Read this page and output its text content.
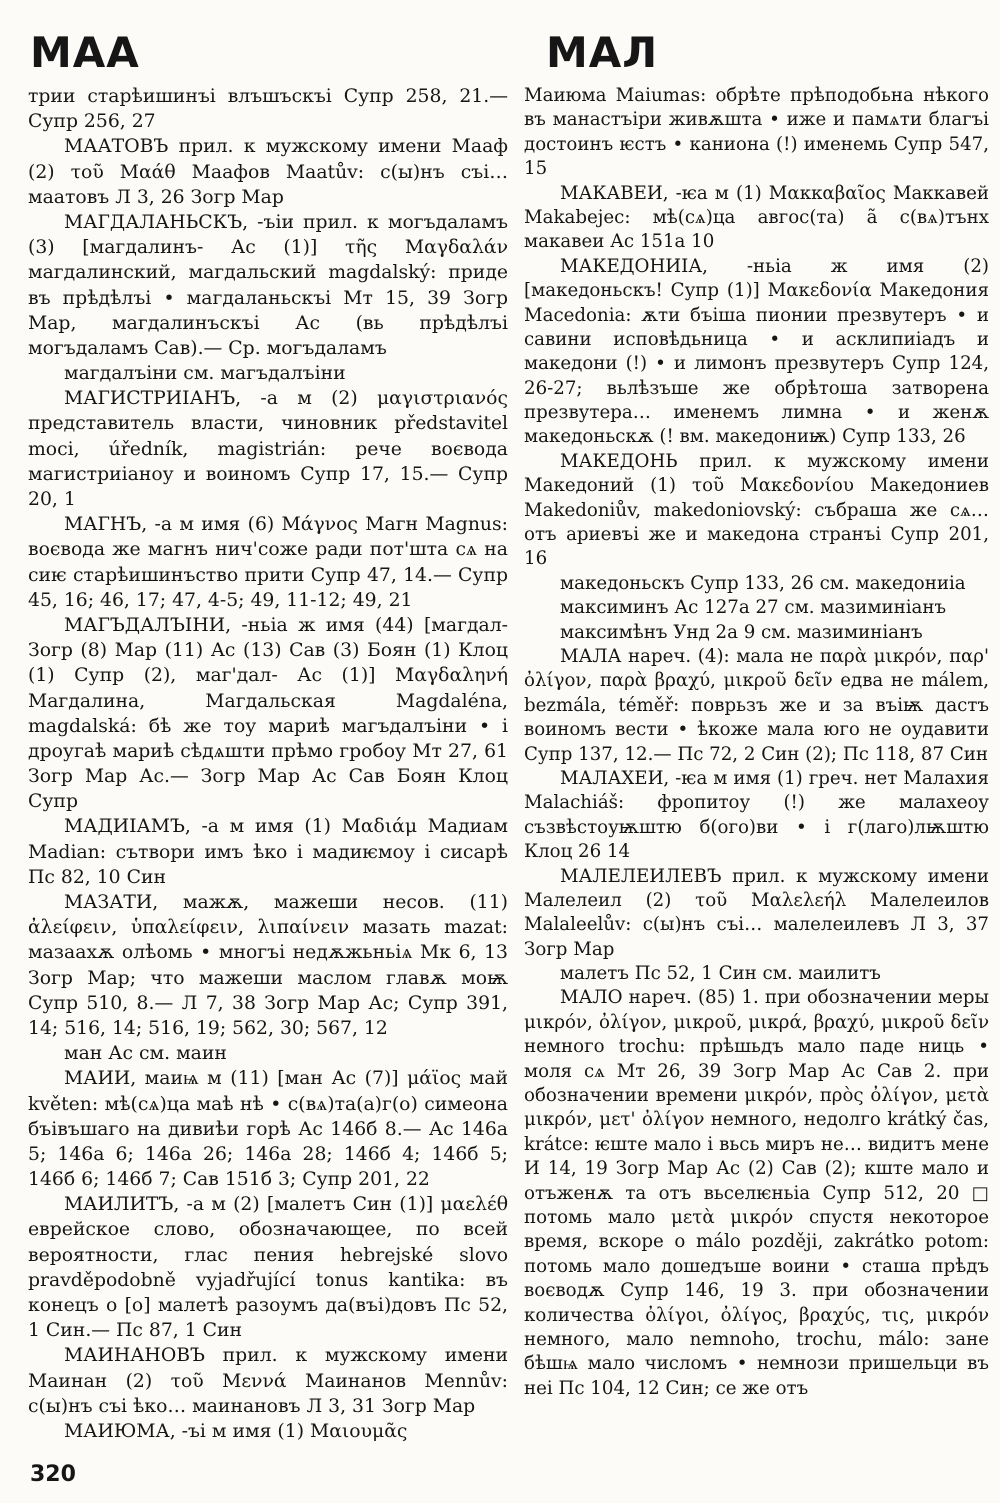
МАА	МАЛ

трии старѣишинъі влъшъскъі Супр 258, 21.— Супр 256, 27

МААТОВЪ прил. к мужскому имени Мааф (2) τοῦ Μαάθ Маафов Maatův: с(ы)нъ съі… маатовъ Л 3, 26 Зогр Мар

МАГДАЛАНЬСКЪ, -ъіи прил. к могъдаламъ (3) [магдалинъ- Ас (1)] τῆς Μαγδαλάν магдалинский, магдальский magdalský: приде въ прѣдѣлъі • магдаланьскъі Мт 15, 39 Зогр Мар, магдалинъскъі Ас (вь прѣдѣлъі могъдаламъ Сав).— Ср. могъдаламъ

магдалъіни см. магъдалъіни

МАГИСТРИІАНЪ, -а м (2) μαγιστριανός представитель власти, чиновник představitel moci, úředník, magistrián: рече воєвода магистриіаноу и воиномъ Супр 17, 15.— Супр 20, 1

МАГНЪ, -а м имя (6) Μάγνος Магн Magnus: воєвода же магнъ нич'соже ради пот'шта сѧ на сиѥ старѣишинъство прити Супр 47, 14.— Супр 45, 16; 46, 17; 47, 4-5; 49, 11-12; 49, 21

МАГЪДАЛЪІНИ, -ньіа ж имя (44) [магдал- Зогр (8) Мар (11) Ас (13) Сав (3) Боян (1) Клоц (1) Супр (2), маг'дал- Ас (1)] Μαγδαληνή Магдалина, Магдальская Magdaléna, magdalská: бѣ же тоу мариѣ магъдалъіни • і дроугаѣ мариѣ сѣдѧшти прѣмо гробоу Мт 27, 61 Зогр Мар Ас.— Зогр Мар Ас Сав Боян Клоц Супр

МАДИІАМЪ, -а м имя (1) Μαδιάμ Мадиам Madian: сътвори имъ ѣко і мадиѥмоу і сисарѣ Пс 82, 10 Син

МАЗАТИ, мажѫ, мажеши несов. (11) ἀλείφειν, ὑπαλείφειν, λιπαίνειν мазать mazat: мазаахѫ олѣомь • многъі недѫжьньіѧ Мк 6, 13 Зогр Мар; что мажеши маслом главѫ моѭ Супр 510, 8.— Л 7, 38 Зогр Мар Ас; Супр 391, 14; 516, 14; 516, 19; 562, 30; 567, 12

ман Ас см. маин

МАИИ, маиѩ м (11) [ман Ас (7)] μάϊος май květen: мѣ(сѧ)ца маѣ нѣ • с(вѧ)та(а)г(о) симеона бъівъшаго на дивиѣи горѣ Ас 146б 8.— Ас 146а 5; 146а 6; 146а 26; 146а 28; 146б 4; 146б 5; 146б 6; 146б 7; Сав 151б 3; Супр 201, 22

МАИЛИТЪ, -а м (2) [малетъ Син (1)] μαελέθ еврейское слово, обозначающее, по всей вероятности, глас пения hebrejské slovo pravděpodobně vyjadřující tonus kantika: въ конецъ о [о] малетѣ разоумъ да(въі)довъ Пс 52, 1 Син.— Пс 87, 1 Син

МАИНАНОВЪ прил. к мужскому имени Маинан (2) τοῦ Μεννά Маинанов Mennův: с(ы)нъ съі ѣко… маинановъ Л 3, 31 Зогр Мар

МАИЮМА, -ъі м имя (1) Μαιουμᾶς

Маиюма Maiumas: обрѣте прѣподобьна нѣкого въ манастъіри живѫшта • иже и памѧти благъі достоинъ ѥстъ • каниона (!) именемь Супр 547, 15

МАКАВЕИ, -ѥа м (1) Μακκαβαῖος Маккавей Makabejec: мѣ(сѧ)ца авгос(та) а̃ с(вѧ)тънх макавеи Ас 151а 10

МАКЕДОНИІА, -ньіа ж имя (2) [македоньскъ! Супр (1)] Μακεδονία Македония Macedonia: ѫти бъіша пионии презвутеръ • и савини исповѣдьница • и асклипиіадъ и македони (!) • и лимонъ презвутеръ Супр 124, 26-27; вьлѣзъше же обрѣтоша затворена презвутера… именемъ лимна • и женѫ македоньскѫ (! вм. македониѭ) Супр 133, 26

МАКЕДОНЬ прил. к мужскому имени Македоний (1) τοῦ Μακεδονίου Македониев Makedoniův, makedoniovský: събраша же сѧ… отъ ариевъі же и македона странъі Супр 201, 16

македоньскъ Супр 133, 26 см. македониіа

максиминъ Ас 127а 27 см. мазиминіанъ

максимѣнъ Унд 2а 9 см. мазиминіанъ

МАЛА нареч. (4): мала не παρὰ μικρόν, παρ' ὀλίγον, παρὰ βραχύ, μικροῦ δεῖν едва не málem, bezmála, téměř: поврьзъ же и за въіѭ дастъ воиномъ вести • ѣкоже мала юго не оудавити Супр 137, 12.— Пс 72, 2 Син (2); Пс 118, 87 Син

МАЛАХЕИ, -ѥа м имя (1) греч. нет Малахия Malachiáš: фропитоу (!) же малахеоу съзвѣстоуѭштю б(ого)ви • і г(лаго)лѭштю Клоц 26 14

МАЛЕЛЕИЛЕВЪ прил. к мужскому имени Малелеил (2) τοῦ Μαλελεήλ Малелеилов Malaleelův: с(ы)нъ съі… малелеилевъ Л 3, 37 Зогр Мар

малетъ Пс 52, 1 Син см. маилитъ

МАЛО нареч. (85) 1. при обозначении меры μικρόν, ὀλίγον, μικροῦ, μικρά, βραχύ, μικροῦ δεῖν немного trochu: прѣшьдъ мало паде ниць • моля сѧ Мт 26, 39 Зогр Мар Ас Сав 2. при обозначении времени μικρόν, πρὸς ὀλίγον, μετὰ μικρόν, μετ' ὀλίγον немного, недолго krátký čas, krátce: ѥште мало і вьсь миръ не… видитъ мене И 14, 19 Зогр Мар Ас (2) Сав (2); кште мало и отъженѫ та отъ вьселѥньіа Супр 512, 20 □ потомь мало μετὰ μικρόν спустя некоторое время, вскоре о málo později, zakrátko potom: потомь мало дошедъше воини • сташа прѣдъ воєводѫ Супр 146, 19 3. при обозначении количества ὀλίγοι, ὀλίγος, βραχύς, τις, μικρόν немного, мало nemnoho, trochu, málo: зане бѣшѩ мало числомъ • немнози пришельци въ неі Пс 104, 12 Син; се же отъ

320
